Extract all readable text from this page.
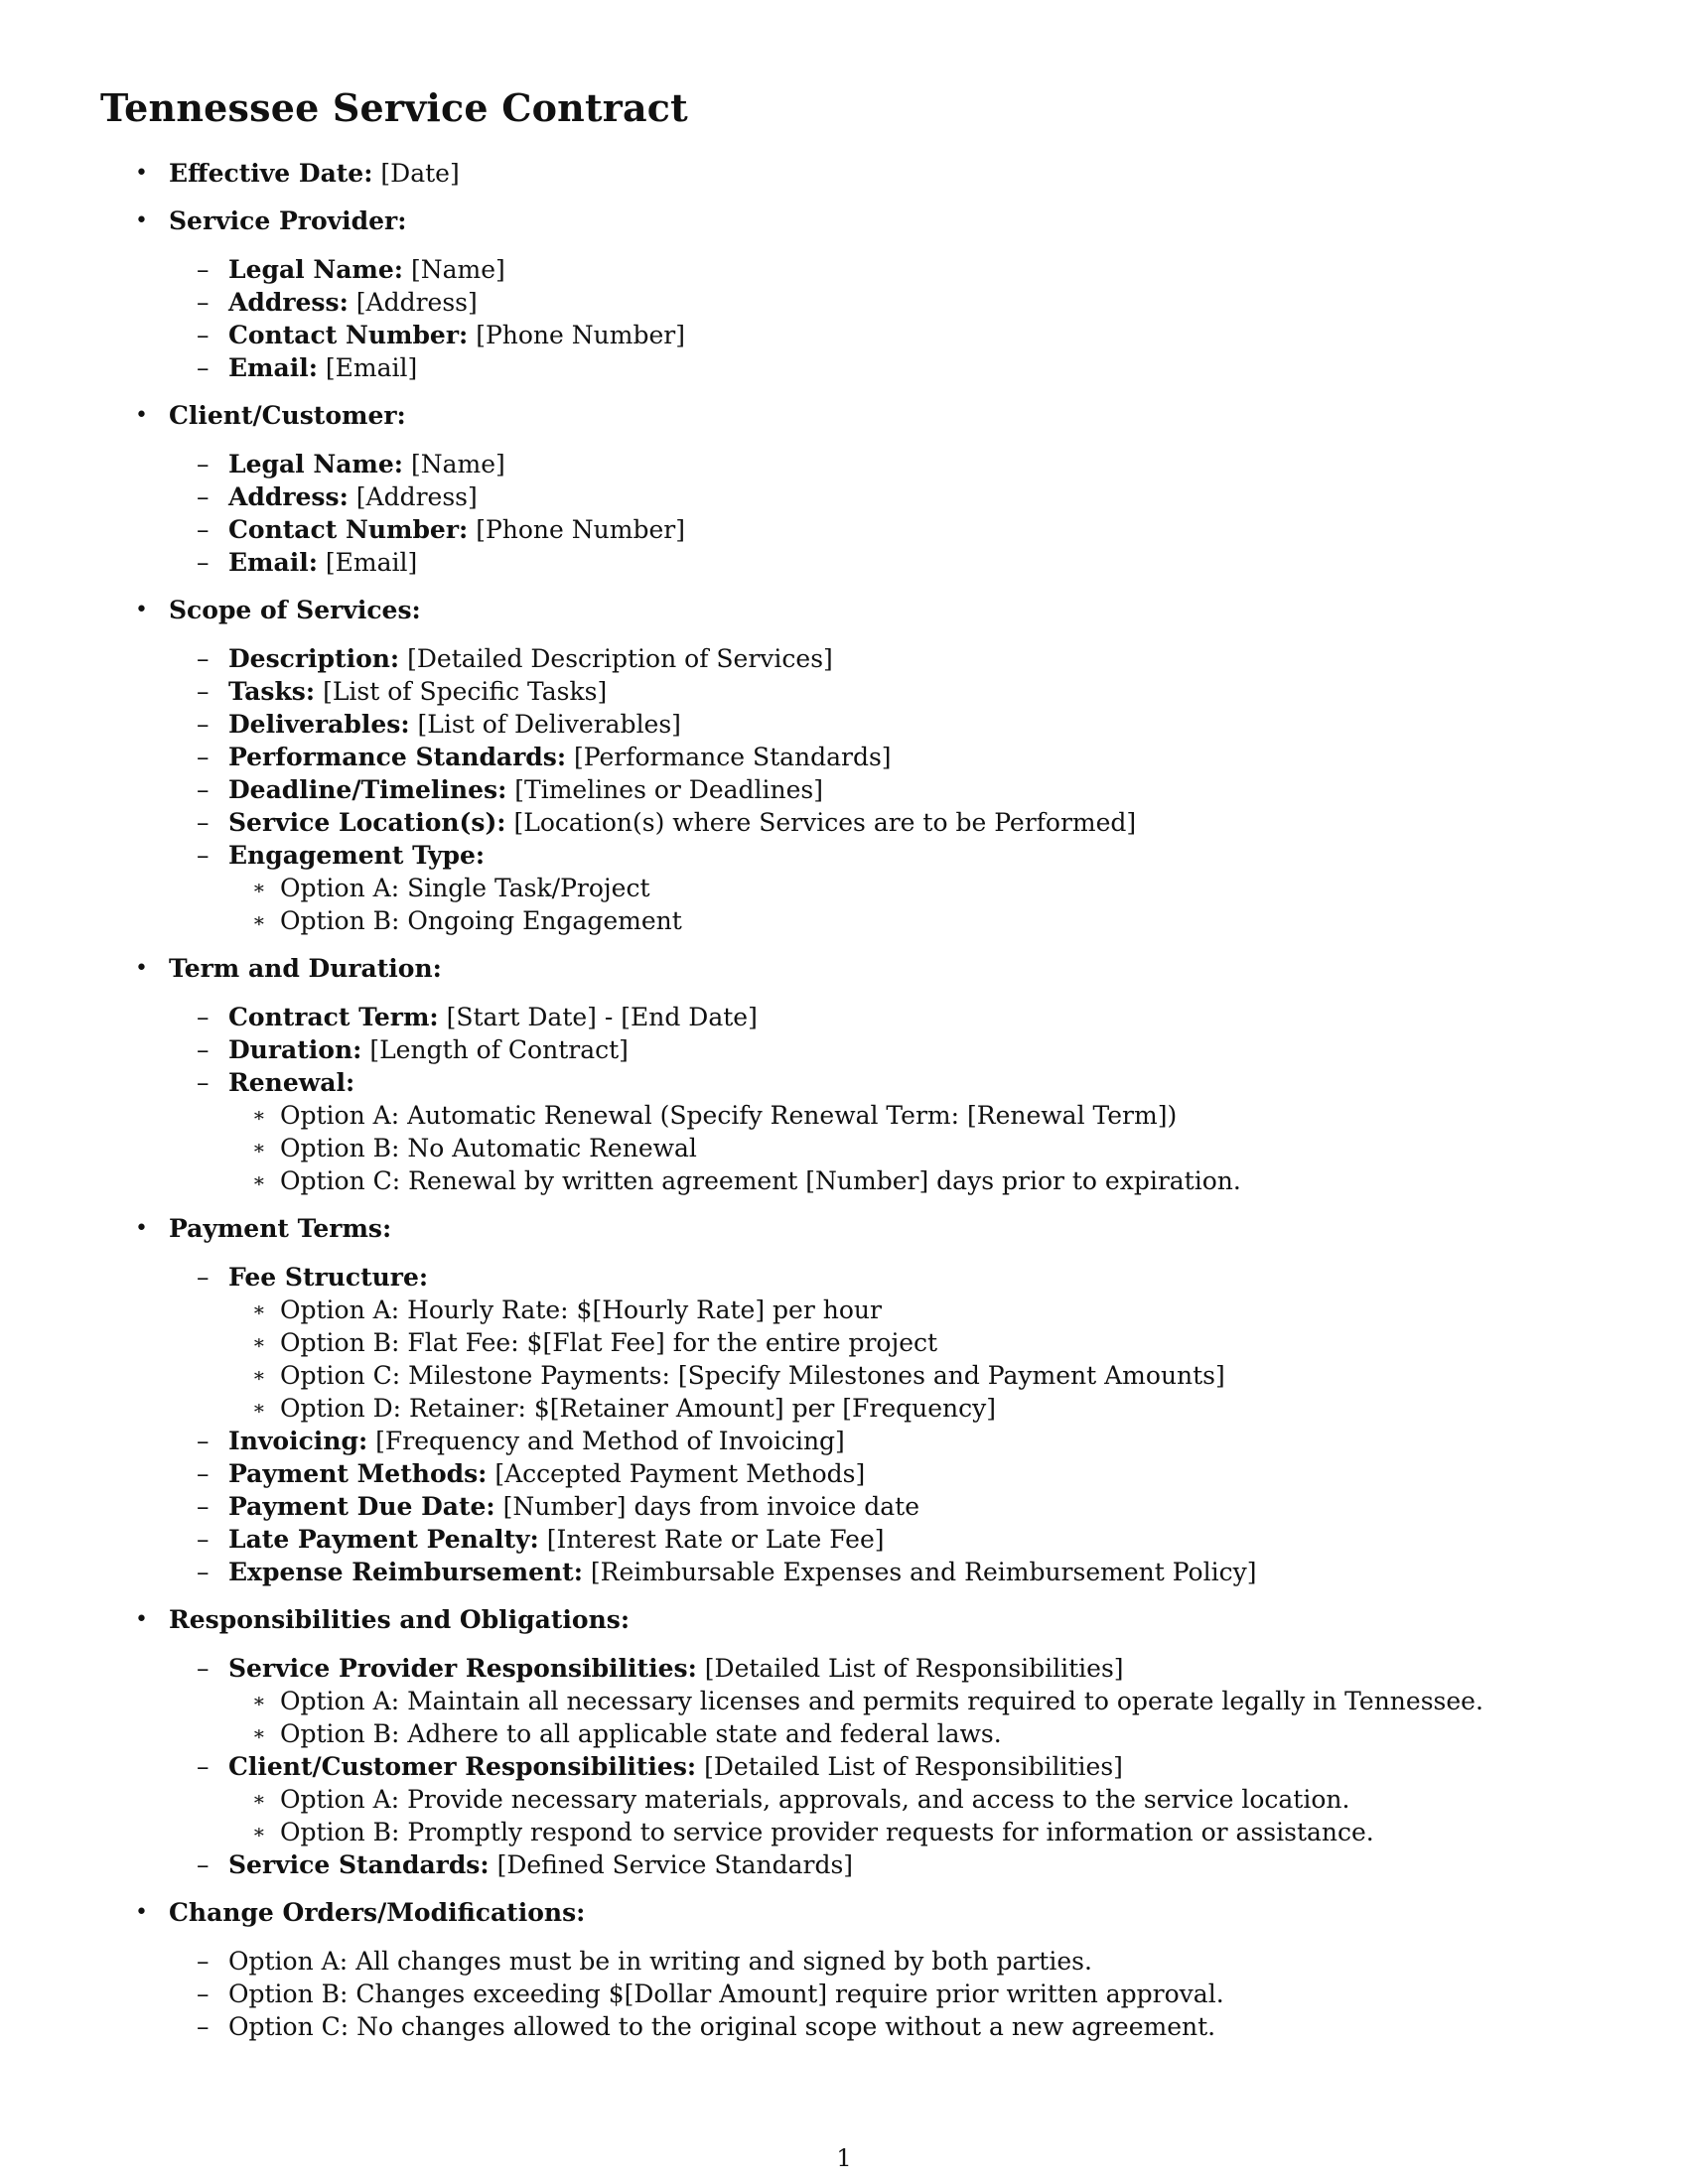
Tennessee Service Contract
• Effective Date: [Date]
• Service Provider:
– Legal Name: [Name]
– Address: [Address]
– Contact Number: [Phone Number]
– Email: [Email]
• Client/Customer:
– Legal Name: [Name]
– Address: [Address]
– Contact Number: [Phone Number]
– Email: [Email]
• Scope of Services:
– Description: [Detailed Description of Services]
– Tasks: [List of Specific Tasks]
– Deliverables: [List of Deliverables]
– Performance Standards: [Performance Standards]
– Deadline/Timelines: [Timelines or Deadlines]
– Service Location(s): [Location(s) where Services are to be Performed]
– Engagement Type:
∗ Option A: Single Task/Project
∗ Option B: Ongoing Engagement
• Term and Duration:
– Contract Term: [Start Date] - [End Date]
– Duration: [Length of Contract]
– Renewal:
∗ Option A: Automatic Renewal (Specify Renewal Term: [Renewal Term])
∗ Option B: No Automatic Renewal
∗ Option C: Renewal by written agreement [Number] days prior to expiration.
• Payment Terms:
– Fee Structure:
∗ Option A: Hourly Rate: $[Hourly Rate] per hour
∗ Option B: Flat Fee: $[Flat Fee] for the entire project
∗ Option C: Milestone Payments: [Specify Milestones and Payment Amounts]
∗ Option D: Retainer: $[Retainer Amount] per [Frequency]
– Invoicing: [Frequency and Method of Invoicing]
– Payment Methods: [Accepted Payment Methods]
– Payment Due Date: [Number] days from invoice date
– Late Payment Penalty: [Interest Rate or Late Fee]
– Expense Reimbursement: [Reimbursable Expenses and Reimbursement Policy]
• Responsibilities and Obligations:
– Service Provider Responsibilities: [Detailed List of Responsibilities]
∗ Option A: Maintain all necessary licenses and permits required to operate legally in Tennessee.
∗ Option B: Adhere to all applicable state and federal laws.
– Client/Customer Responsibilities: [Detailed List of Responsibilities]
∗ Option A: Provide necessary materials, approvals, and access to the service location.
∗ Option B: Promptly respond to service provider requests for information or assistance.
– Service Standards: [Defined Service Standards]
• Change Orders/Modifications:
– Option A: All changes must be in writing and signed by both parties.
– Option B: Changes exceeding $[Dollar Amount] require prior written approval.
– Option C: No changes allowed to the original scope without a new agreement.
1
